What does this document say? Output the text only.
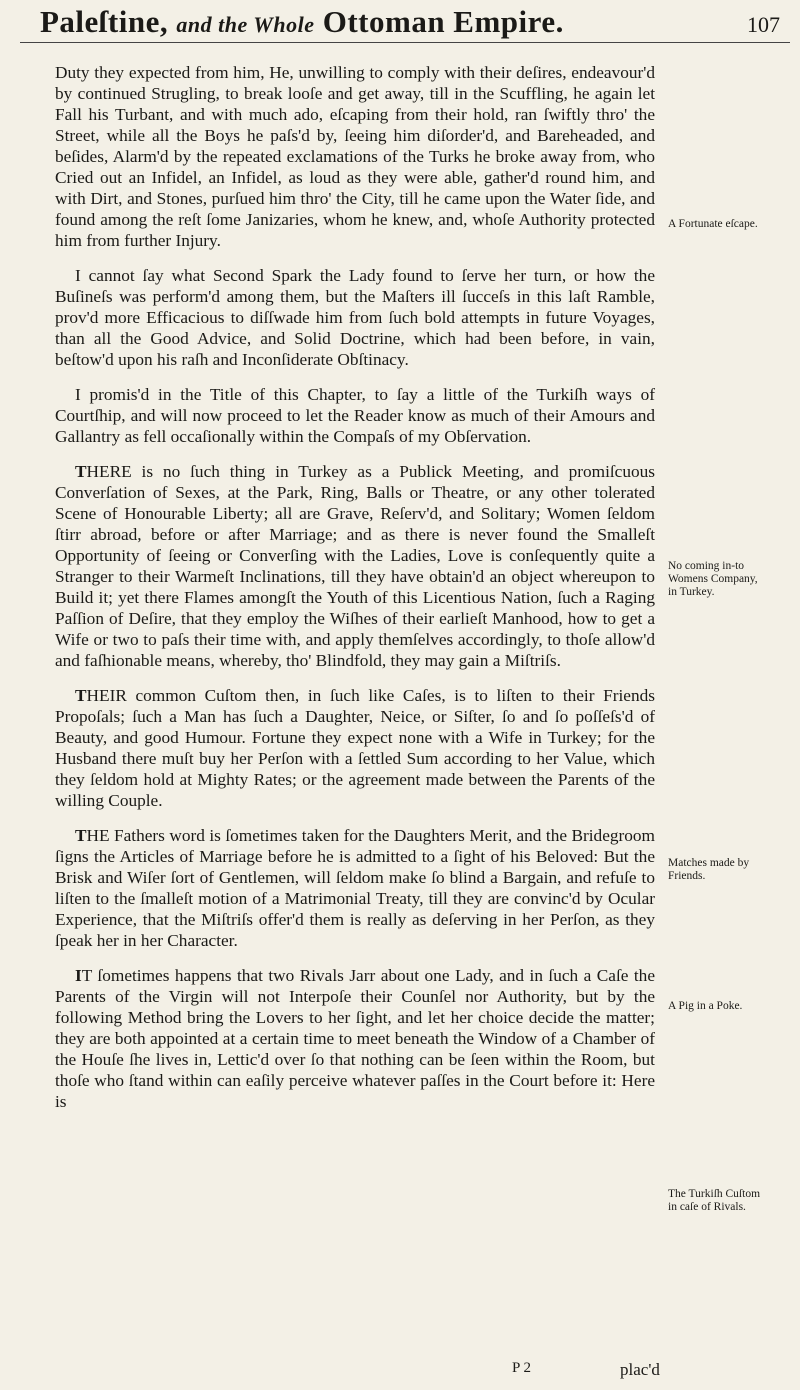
Paleſtine, and the Whole Ottoman Empire.	107

Duty they expected from him, He, unwilling to comply with their deſires, endeavour'd by continued Strugling, to break looſe and get away, till in the Scuffling, he again let Fall his Turbant, and with much ado, eſcaping from their hold, ran ſwiftly thro' the Street, while all the Boys he paſs'd by, ſeeing him diſorder'd, and Bareheaded, and beſides, Alarm'd by the repeated exclamations of the Turks he broke away from, who Cried out an Infidel, an Infidel, as loud as they were able, gather'd round him, and with Dirt, and Stones, purſued him thro' the City, till he came upon the Water ſide, and found among the reſt ſome Janizaries, whom he knew, and, whoſe Authority protected him from further Injury.

I cannot ſay what Second Spark the Lady found to ſerve her turn, or how the Buſineſs was perform'd among them, but the Maſters ill ſucceſs in this laſt Ramble, prov'd more Efficacious to diſſwade him from ſuch bold attempts in future Voyages, than all the Good Advice, and Solid Doctrine, which had been before, in vain, beſtow'd upon his raſh and Inconſiderate Obſtinacy.

I promis'd in the Title of this Chapter, to ſay a little of the Turkiſh ways of Courtſhip, and will now proceed to let the Reader know as much of their Amours and Gallantry as fell occaſionally within the Compaſs of my Obſervation.

THERE is no ſuch thing in Turkey as a Publick Meeting, and promiſcuous Converſation of Sexes, at the Park, Ring, Balls or Theatre, or any other tolerated Scene of Honourable Liberty; all are Grave, Reſerv'd, and Solitary; Women ſeldom ſtirr abroad, before or after Marriage; and as there is never found the Smalleſt Opportunity of ſeeing or Converſing with the Ladies, Love is conſequently quite a Stranger to their Warmeſt Inclinations, till they have obtain'd an object whereupon to Build it; yet there Flames amongſt the Youth of this Licentious Nation, ſuch a Raging Paſſion of Deſire, that they employ the Wiſhes of their earlieſt Manhood, how to get a Wife or two to paſs their time with, and apply themſelves accordingly, to thoſe allow'd and faſhionable means, whereby, tho' Blindfold, they may gain a Miſtriſs.

THEIR common Cuſtom then, in ſuch like Caſes, is to liſten to their Friends Propoſals; ſuch a Man has ſuch a Daughter, Neice, or Siſter, ſo and ſo poſſeſs'd of Beauty, and good Humour. Fortune they expect none with a Wife in Turkey; for the Husband there muſt buy her Perſon with a ſettled Sum according to her Value, which they ſeldom hold at Mighty Rates; or the agreement made between the Parents of the willing Couple.

THE Fathers word is ſometimes taken for the Daughters Merit, and the Bridegroom ſigns the Articles of Marriage before he is admitted to a ſight of his Beloved: But the Brisk and Wiſer ſort of Gentlemen, will ſeldom make ſo blind a Bargain, and refuſe to liſten to the ſmalleſt motion of a Matrimonial Treaty, till they are convinc'd by Ocular Experience, that the Miſtriſs offer'd them is really as deſerving in her Perſon, as they ſpeak her in her Character.

IT ſometimes happens that two Rivals Jarr about one Lady, and in ſuch a Caſe the Parents of the Virgin will not Interpoſe their Counſel nor Authority, but by the following Method bring the Lovers to her ſight, and let her choice decide the matter; they are both appointed at a certain time to meet beneath the Window of a Chamber of the Houſe ſhe lives in, Lettic'd over ſo that nothing can be ſeen within the Room, but thoſe who ſtand within can eaſily perceive whatever paſſes in the Court before it: Here is

A Fortunate eſcape.
No coming in-to Womens Company, in Turkey.
Matches made by Friends.
A Pig in a Poke.
The Turkiſh Cuſtom in caſe of Rivals.
P 2	plac'd
